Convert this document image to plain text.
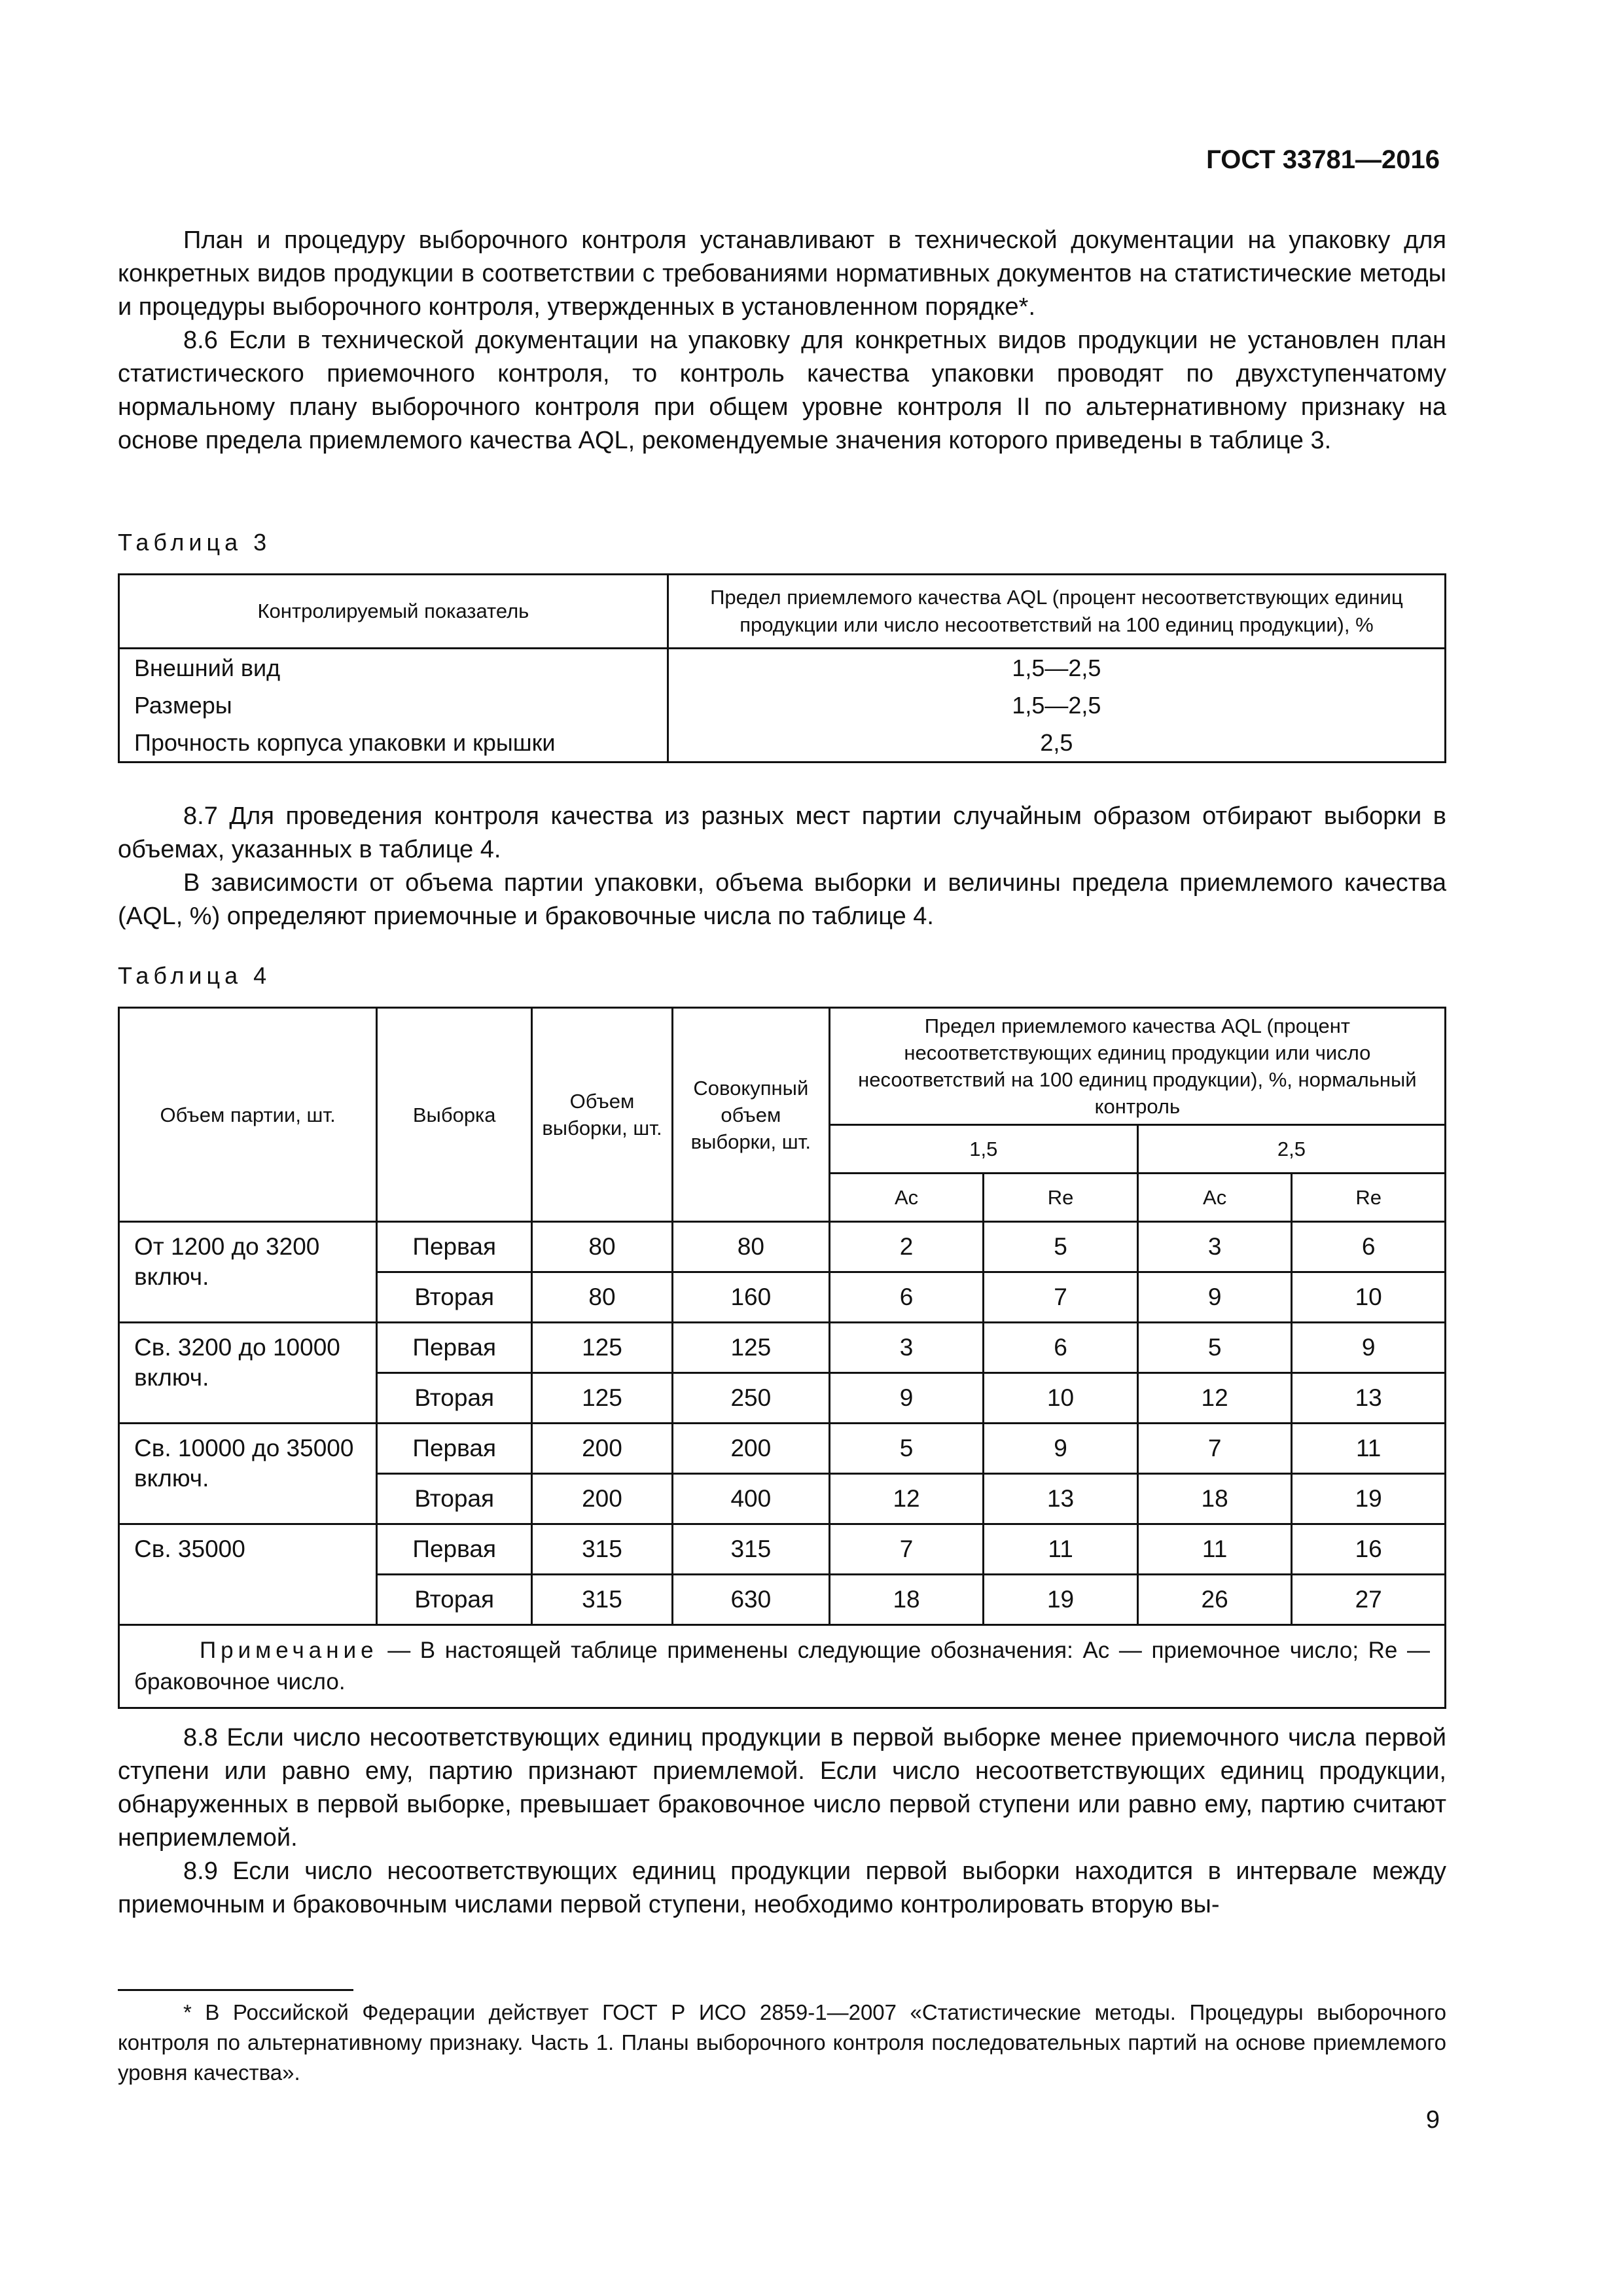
ГОСТ 33781—2016

План и процедуру выборочного контроля устанавливают в технической документации на упаковку для конкретных видов продукции в соответствии с требованиями нормативных документов на статистические методы и процедуры выборочного контроля, утвержденных в установленном порядке*.

8.6 Если в технической документации на упаковку для конкретных видов продукции не установлен план статистического приемочного контроля, то контроль качества упаковки проводят по двухступенчатому нормальному плану выборочного контроля при общем уровне контроля II по альтернативному признаку на основе предела приемлемого качества AQL, рекомендуемые значения которого приведены в таблице 3.

Таблица 3
Контролируемый показатель	Предел приемлемого качества AQL (процент несоответствующих единиц продукции или число несоответствий на 100 единиц продукции), %
Внешний вид	1,5—2,5
Размеры	1,5—2,5
Прочность корпуса упаковки и крышки	2,5

8.7 Для проведения контроля качества из разных мест партии случайным образом отбирают выборки в объемах, указанных в таблице 4.

В зависимости от объема партии упаковки, объема выборки и величины предела приемлемого качества (AQL, %) определяют приемочные и браковочные числа по таблице 4.

Таблица 4
Объем партии, шт.	Выборка	Объем выборки, шт.	Совокупный объем выборки, шт.	Предел приемлемого качества AQL (процент несоответствующих единиц продукции или число несоответствий на 100 единиц продукции), %, нормальный контроль			
				1,5		2,5	
				Ac	Re	Ac	Re
От 1200 до 3200 включ.	Первая	80	80	2	5	3	6
	Вторая	80	160	6	7	9	10
Св. 3200 до 10000 включ.	Первая	125	125	3	6	5	9
	Вторая	125	250	9	10	12	13
Св. 10000 до 35000 включ.	Первая	200	200	5	9	7	11
	Вторая	200	400	12	13	18	19
Св. 35000	Первая	315	315	7	11	11	16
	Вторая	315	630	18	19	26	27
Примечание — В настоящей таблице применены следующие обозначения: Ac — приемочное число; Re — браковочное число.							

8.8 Если число несоответствующих единиц продукции в первой выборке менее приемочного числа первой ступени или равно ему, партию признают приемлемой. Если число несоответствующих единиц продукции, обнаруженных в первой выборке, превышает браковочное число первой ступени или равно ему, партию считают неприемлемой.

8.9 Если число несоответствующих единиц продукции первой выборки находится в интервале между приемочным и браковочным числами первой ступени, необходимо контролировать вторую вы-

* В Российской Федерации действует ГОСТ Р ИСО 2859-1—2007 «Статистические методы. Процедуры выборочного контроля по альтернативному признаку. Часть 1. Планы выборочного контроля последовательных партий на основе приемлемого уровня качества».

9
